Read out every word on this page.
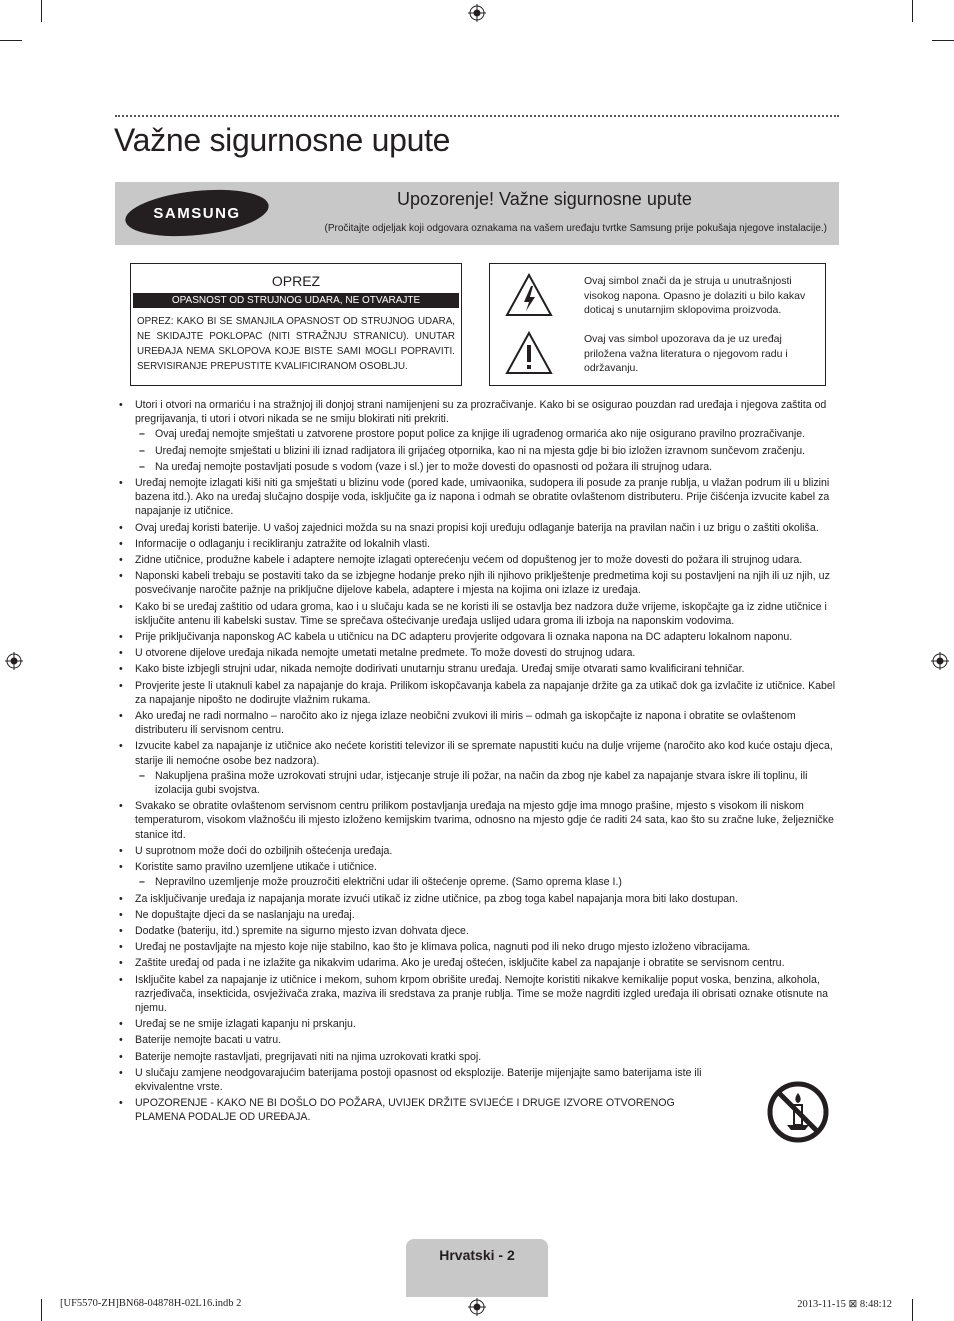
Važne sigurnosne upute
SAMSUNG
Upozorenje! Važne sigurnosne upute
(Pročitajte odjeljak koji odgovara oznakama na vašem uređaju tvrtke Samsung prije pokušaja njegove instalacije.)
OPREZ
OPASNOST OD STRUJNOG UDARA, NE OTVARAJTE
OPREZ: KAKO BI SE SMANJILA OPASNOST OD STRUJNOG UDARA, NE SKIDAJTE POKLOPAC (NITI STRAŽNJU STRANICU). UNUTAR UREĐAJA NEMA SKLOPOVA KOJE BISTE SAMI MOGLI POPRAVITI. SERVISIRANJE PREPUSTITE KVALIFICIRANOM OSOBLJU.
Ovaj simbol znači da je struja u unutrašnjosti visokog napona. Opasno je dolaziti u bilo kakav doticaj s unutarnjim sklopovima proizvoda.
Ovaj vas simbol upozorava da je uz uređaj priložena važna literatura o njegovom radu i održavanju.
• Utori i otvori na ormariću i na stražnjoj ili donjoj strani namijenjeni su za prozračivanje. Kako bi se osigurao pouzdan rad uređaja i njegova zaštita od pregrijavanja, ti utori i otvori nikada se ne smiju blokirati niti prekriti.
– Ovaj uređaj nemojte smještati u zatvorene prostore poput police za knjige ili ugrađenog ormarića ako nije osigurano pravilno prozračivanje.
– Uređaj nemojte smještati u blizini ili iznad radijatora ili grijaćeg otpornika, kao ni na mjesta gdje bi bio izložen izravnom sunčevom zračenju.
– Na uređaj nemojte postavljati posude s vodom (vaze i sl.) jer to može dovesti do opasnosti od požara ili strujnog udara.
• Uređaj nemojte izlagati kiši niti ga smještati u blizinu vode (pored kade, umivaonika, sudopera ili posude za pranje rublja, u vlažan podrum ili u blizini bazena itd.). Ako na uređaj slučajno dospije voda, isključite ga iz napona i odmah se obratite ovlaštenom distributeru. Prije čišćenja izvucite kabel za napajanje iz utičnice.
• Ovaj uređaj koristi baterije. U vašoj zajednici možda su na snazi propisi koji uređuju odlaganje baterija na pravilan način i uz brigu o zaštiti okoliša.
• Informacije o odlaganju i recikliranju zatražite od lokalnih vlasti.
• Zidne utičnice, produžne kabele i adaptere nemojte izlagati opterećenju većem od dopuštenog jer to može dovesti do požara ili strujnog udara.
• Naponski kabeli trebaju se postaviti tako da se izbjegne hodanje preko njih ili njihovo priklještenje predmetima koji su postavljeni na njih ili uz njih, uz posvećivanje naročite pažnje na priključne dijelove kabela, adaptere i mjesta na kojima oni izlaze iz uređaja.
• Kako bi se uređaj zaštitio od udara groma, kao i u slučaju kada se ne koristi ili se ostavlja bez nadzora duže vrijeme, iskopčajte ga iz zidne utičnice i isključite antenu ili kabelski sustav. Time se sprečava oštećivanje uređaja uslijed udara groma ili izboja na naponskim vodovima.
• Prije priključivanja naponskog AC kabela u utičnicu na DC adapteru provjerite odgovara li oznaka napona na DC adapteru lokalnom naponu.
• U otvorene dijelove uređaja nikada nemojte umetati metalne predmete. To može dovesti do strujnog udara.
• Kako biste izbjegli strujni udar, nikada nemojte dodirivati unutarnju stranu uređaja. Uređaj smije otvarati samo kvalificirani tehničar.
• Provjerite jeste li utaknuli kabel za napajanje do kraja. Prilikom iskopčavanja kabela za napajanje držite ga za utikač dok ga izvlačite iz utičnice. Kabel za napajanje nipošto ne dodirujte vlažnim rukama.
• Ako uređaj ne radi normalno – naročito ako iz njega izlaze neobični zvukovi ili miris – odmah ga iskopčajte iz napona i obratite se ovlaštenom distributeru ili servisnom centru.
• Izvucite kabel za napajanje iz utičnice ako nećete koristiti televizor ili se spremate napustiti kuću na dulje vrijeme (naročito ako kod kuće ostaju djeca, starije ili nemoćne osobe bez nadzora).
– Nakupljena prašina može uzrokovati strujni udar, istjecanje struje ili požar, na način da zbog nje kabel za napajanje stvara iskre ili toplinu, ili izolacija gubi svojstva.
• Svakako se obratite ovlaštenom servisnom centru prilikom postavljanja uređaja na mjesto gdje ima mnogo prašine, mjesto s visokom ili niskom temperaturom, visokom vlažnošću ili mjesto izloženo kemijskim tvarima, odnosno na mjesto gdje će raditi 24 sata, kao što su zračne luke, željezničke stanice itd.
• U suprotnom može doći do ozbiljnih oštećenja uređaja.
• Koristite samo pravilno uzemljene utikače i utičnice.
– Nepravilno uzemljenje može prouzročiti električni udar ili oštećenje opreme. (Samo oprema klase I.)
• Za isključivanje uređaja iz napajanja morate izvući utikač iz zidne utičnice, pa zbog toga kabel napajanja mora biti lako dostupan.
• Ne dopuštajte djeci da se naslanjaju na uređaj.
• Dodatke (bateriju, itd.) spremite na sigurno mjesto izvan dohvata djece.
• Uređaj ne postavljajte na mjesto koje nije stabilno, kao što je klimava polica, nagnuti pod ili neko drugo mjesto izloženo vibracijama.
• Zaštite uređaj od pada i ne izlažite ga nikakvim udarima. Ako je uređaj oštećen, isključite kabel za napajanje i obratite se servisnom centru.
• Isključite kabel za napajanje iz utičnice i mekom, suhom krpom obrišite uređaj. Nemojte koristiti nikakve kemikalije poput voska, benzina, alkohola, razrjeđivača, insekticida, osvježivača zraka, maziva ili sredstava za pranje rublja. Time se može nagrditi izgled uređaja ili obrisati oznake otisnute na njemu.
• Uređaj se ne smije izlagati kapanju ni prskanju.
• Baterije nemojte bacati u vatru.
• Baterije nemojte rastavljati, pregrijavati niti na njima uzrokovati kratki spoj.
• U slučaju zamjene neodgovarajućim baterijama postoji opasnost od eksplozije. Baterije mijenjajte samo baterijama iste ili ekvivalentne vrste.
• UPOZORENJE - KAKO NE BI DOŠLO DO POŽARA, UVIJEK DRŽITE SVIJEĆE I DRUGE IZVORE OTVORENOG PLAMENA PODALJE OD UREĐAJA.
Hrvatski - 2
[UF5570-ZH]BN68-04878H-02L16.indb 2	2013-11-15 ⊠ 8:48:12
